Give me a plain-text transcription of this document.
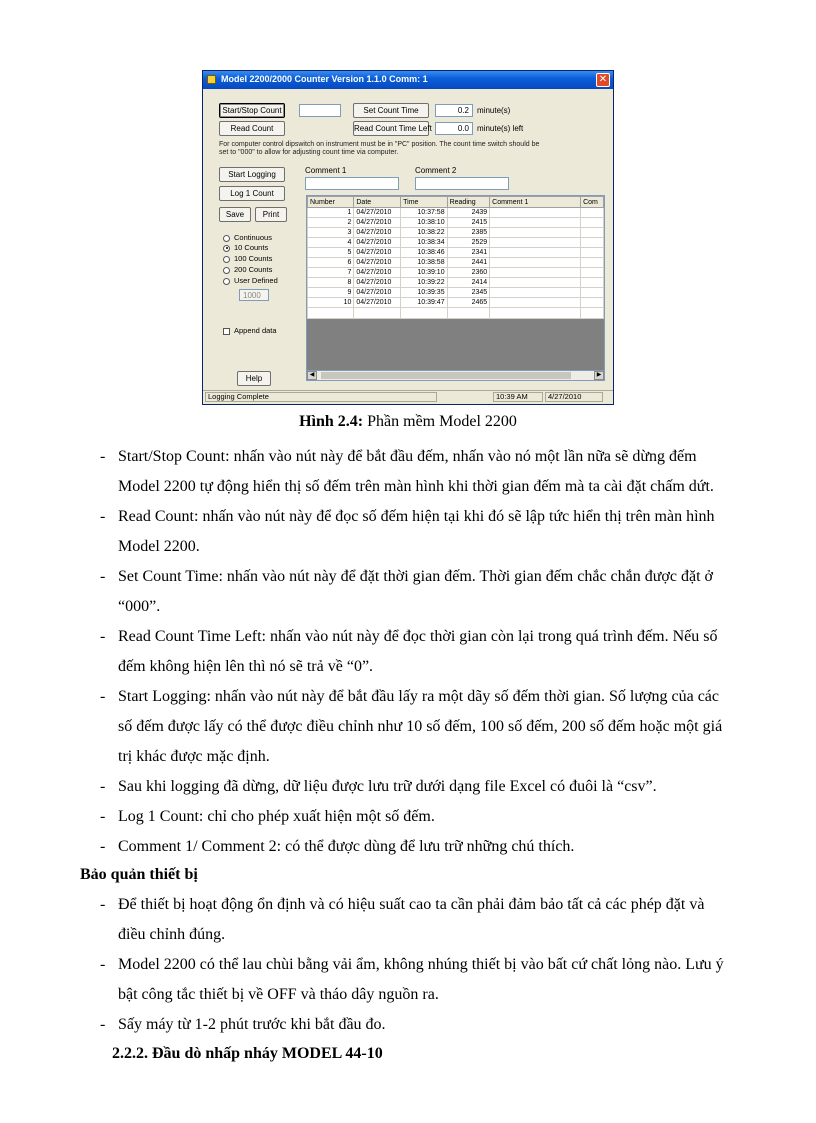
Model 2200/2000 Counter Version 1.1.0 Comm: 1	✕
Start/Stop Count	Set Count Time	0.2	minute(s)
Read Count	Read Count Time Left	0.0	minute(s) left
For computer control dipswitch on instrument must be in "PC" position. The count time switch should be set to "000" to allow for adjusting count time via computer.
Start Logging
Log 1 Count
Comment 1	Comment 2
Save	Print
Continuous
10 Counts
100 Counts
200 Counts
User Defined
1000
Append data
Number	Date	Time	Reading	Comment 1	Com
1	04/27/2010	10:37:58	2439		
2	04/27/2010	10:38:10	2415		
3	04/27/2010	10:38:22	2385		
4	04/27/2010	10:38:34	2529		
5	04/27/2010	10:38:46	2341		
6	04/27/2010	10:38:58	2441		
7	04/27/2010	10:39:10	2360		
8	04/27/2010	10:39:22	2414		
9	04/27/2010	10:39:35	2345		
10	04/27/2010	10:39:47	2465		

◀	▶
Help
Logging Complete	10:39 AM	4/27/2010
Hình 2.4: Phần mềm Model 2200
- Start/Stop Count: nhấn vào nút này để bắt đầu đếm, nhấn vào nó một lần nữa sẽ dừng đếm
Model 2200 tự động hiển thị số đếm trên màn hình khi thời gian đếm mà ta cài đặt chấm dứt.
- Read Count: nhấn vào nút này để đọc số đếm hiện tại khi đó sẽ lập tức hiển thị trên màn hình
Model 2200.
- Set Count Time: nhấn vào nút này để đặt thời gian đếm. Thời gian đếm chắc chắn được đặt ở
“000”.
- Read Count Time Left: nhấn vào nút này để đọc thời gian còn lại trong quá trình đếm. Nếu số
đếm không hiện lên thì nó sẽ trả về “0”.
- Start Logging: nhấn vào nút này để bắt đầu lấy ra một dãy số đếm thời gian. Số lượng của các
số đếm được lấy có thể được điều chỉnh như 10 số đếm, 100 số đếm, 200 số đếm hoặc một giá
trị khác được mặc định.
- Sau khi logging đã dừng, dữ liệu được lưu trữ dưới dạng file Excel có đuôi là “csv”.
- Log 1 Count: chỉ cho phép xuất hiện một số đếm.
- Comment 1/ Comment 2: có thể được dùng để lưu trữ những chú thích.
Bảo quản thiết bị
- Để thiết bị hoạt động ổn định và có hiệu suất cao ta cần phải đảm bảo tất cả các phép đặt và
điều chỉnh đúng.
- Model 2200 có thể lau chùi bằng vải ẩm, không nhúng thiết bị vào bất cứ chất lỏng nào. Lưu ý
bật công tắc thiết bị về OFF và tháo dây nguồn ra.
- Sấy máy từ 1-2 phút trước khi bắt đầu đo.
2.2.2. Đầu dò nhấp nháy MODEL 44-10
